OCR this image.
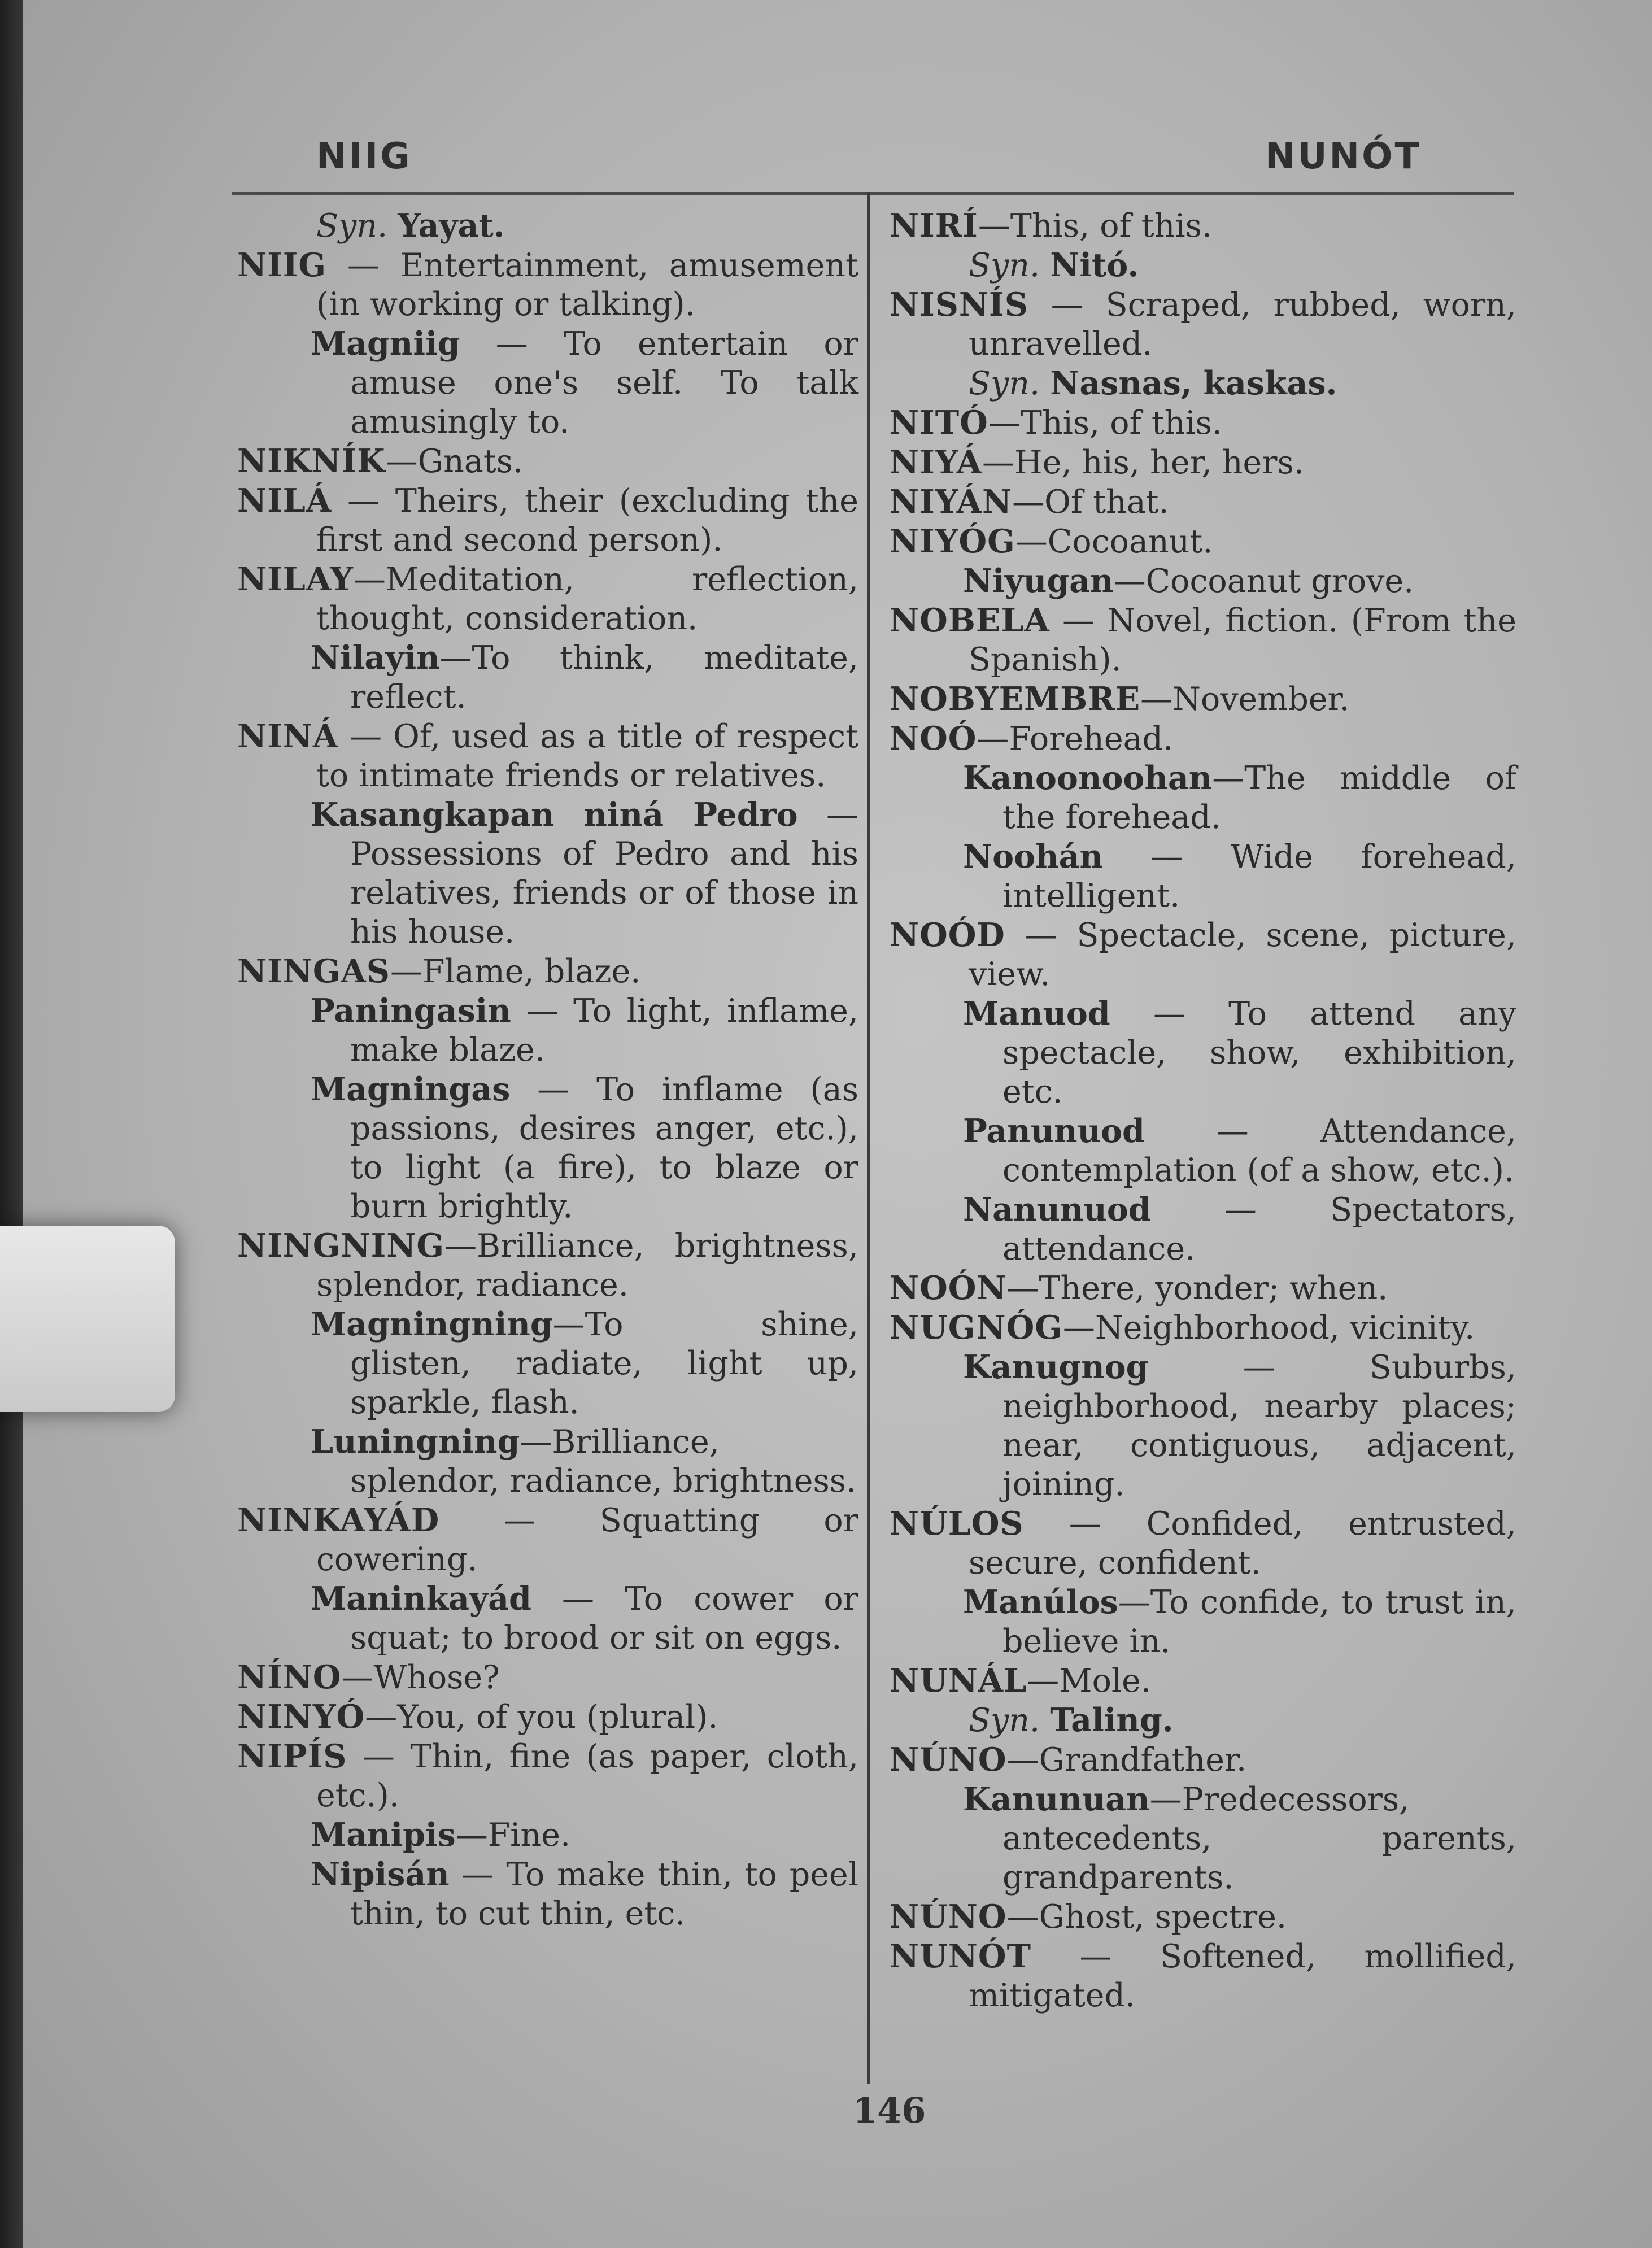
NIIG	NUNÓT

Syn. Yayat.

NIIG — Entertainment, amusement (in working or talking).

Magniig — To entertain or amuse one's self. To talk amusingly to.

NIKNÍK—Gnats.

NILÁ — Theirs, their (excluding the first and second person).

NILAY—Meditation, reflection, thought, consideration.

Nilayin—To think, meditate, reflect.

NINÁ — Of, used as a title of respect to intimate friends or relatives.

Kasangkapan niná Pedro — Possessions of Pedro and his relatives, friends or of those in his house.

NINGAS—Flame, blaze.

Paningasin — To light, inflame, make blaze.

Magningas — To inflame (as passions, desires anger, etc.), to light (a fire), to blaze or burn brightly.

NINGNING—Brilliance, brightness, splendor, radiance.

Magningning—To shine, glisten, radiate, light up, sparkle, flash.

Luningning—Brilliance, splendor, radiance, brightness.

NINKAYÁD — Squatting or cowering.

Maninkayád — To cower or squat; to brood or sit on eggs.

NÍNO—Whose?

NINYÓ—You, of you (plural).

NIPÍS — Thin, fine (as paper, cloth, etc.).

Manipis—Fine.

Nipisán — To make thin, to peel thin, to cut thin, etc.

NIRÍ—This, of this.

Syn. Nitó.

NISNÍS — Scraped, rubbed, worn, unravelled.

Syn. Nasnas, kaskas.

NITÓ—This, of this.

NIYÁ—He, his, her, hers.

NIYÁN—Of that.

NIYÓG—Cocoanut.

Niyugan—Cocoanut grove.

NOBELA — Novel, fiction. (From the Spanish).

NOBYEMBRE—November.

NOÓ—Forehead.

Kanoonoohan—The middle of the forehead.

Noohán — Wide forehead, intelligent.

NOÓD — Spectacle, scene, picture, view.

Manuod — To attend any spectacle, show, exhibition, etc.

Panunuod — Attendance, contemplation (of a show, etc.).

Nanunuod — Spectators, attendance.

NOÓN—There, yonder; when.

NUGNÓG—Neighborhood, vicinity.

Kanugnog — Suburbs, neighborhood, nearby places; near, contiguous, adjacent, joining.

NÚLOS — Confided, entrusted, secure, confident.

Manúlos—To confide, to trust in, believe in.

NUNÁL—Mole.

Syn. Taling.

NÚNO—Grandfather.

Kanunuan—Predecessors, antecedents, parents, grandparents.

NÚNO—Ghost, spectre.

NUNÓT — Softened, mollified, mitigated.

146
